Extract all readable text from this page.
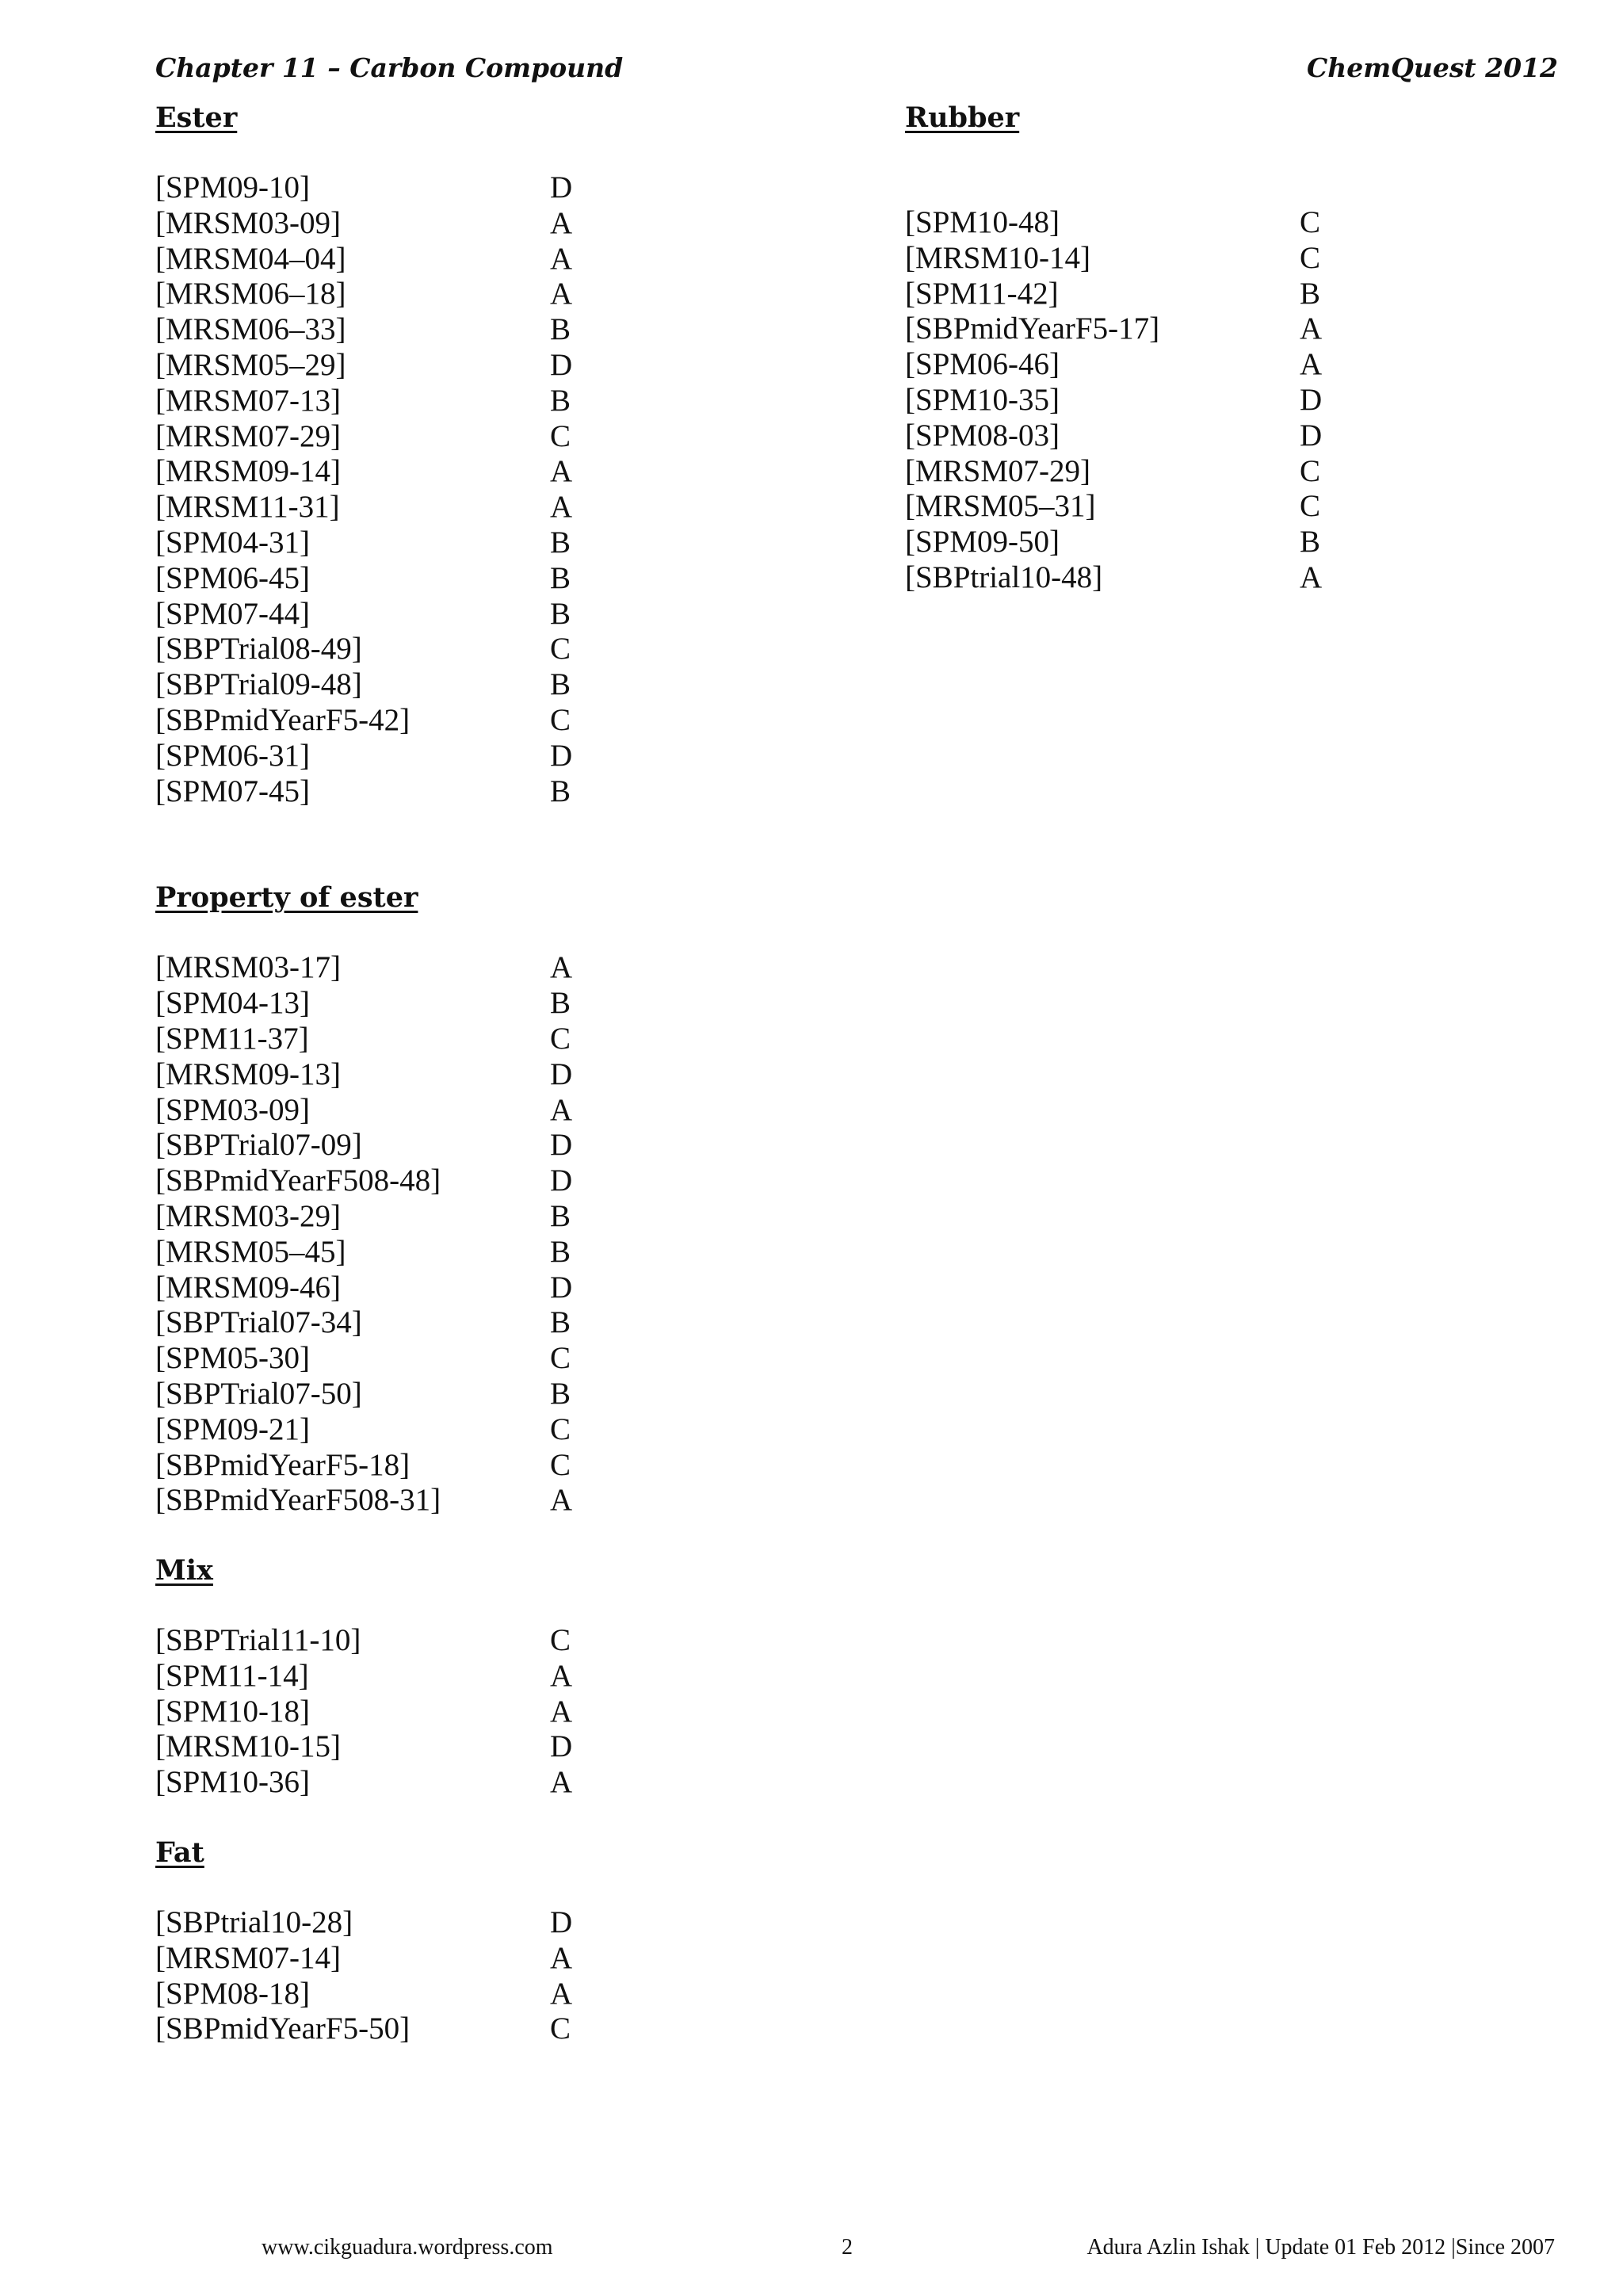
Chapter 11 – Carbon Compound	ChemQuest 2012
Ester
[SPM09-10]	D
[MRSM03-09]	A
[MRSM04–04]	A
[MRSM06–18]	A
[MRSM06–33]	B
[MRSM05–29]	D
[MRSM07-13]	B
[MRSM07-29]	C
[MRSM09-14]	A
[MRSM11-31]	A
[SPM04-31]	B
[SPM06-45]	B
[SPM07-44]	B
[SBPTrial08-49]	C
[SBPTrial09-48]	B
[SBPmidYearF5-42]	C
[SPM06-31]	D
[SPM07-45]	B
Property of ester
[MRSM03-17]	A
[SPM04-13]	B
[SPM11-37]	C
[MRSM09-13]	D
[SPM03-09]	A
[SBPTrial07-09]	D
[SBPmidYearF508-48]	D
[MRSM03-29]	B
[MRSM05–45]	B
[MRSM09-46]	D
[SBPTrial07-34]	B
[SPM05-30]	C
[SBPTrial07-50]	B
[SPM09-21]	C
[SBPmidYearF5-18]	C
[SBPmidYearF508-31]	A
Mix
[SBPTrial11-10]	C
[SPM11-14]	A
[SPM10-18]	A
[MRSM10-15]	D
[SPM10-36]	A
Fat
[SBPtrial10-28]	D
[MRSM07-14]	A
[SPM08-18]	A
[SBPmidYearF5-50]	C
Rubber
[SPM10-48]	C
[MRSM10-14]	C
[SPM11-42]	B
[SBPmidYearF5-17]	A
[SPM06-46]	A
[SPM10-35]	D
[SPM08-03]	D
[MRSM07-29]	C
[MRSM05–31]	C
[SPM09-50]	B
[SBPtrial10-48]	A
www.cikguadura.wordpress.com	2	Adura Azlin Ishak | Update 01 Feb 2012 |Since 2007
